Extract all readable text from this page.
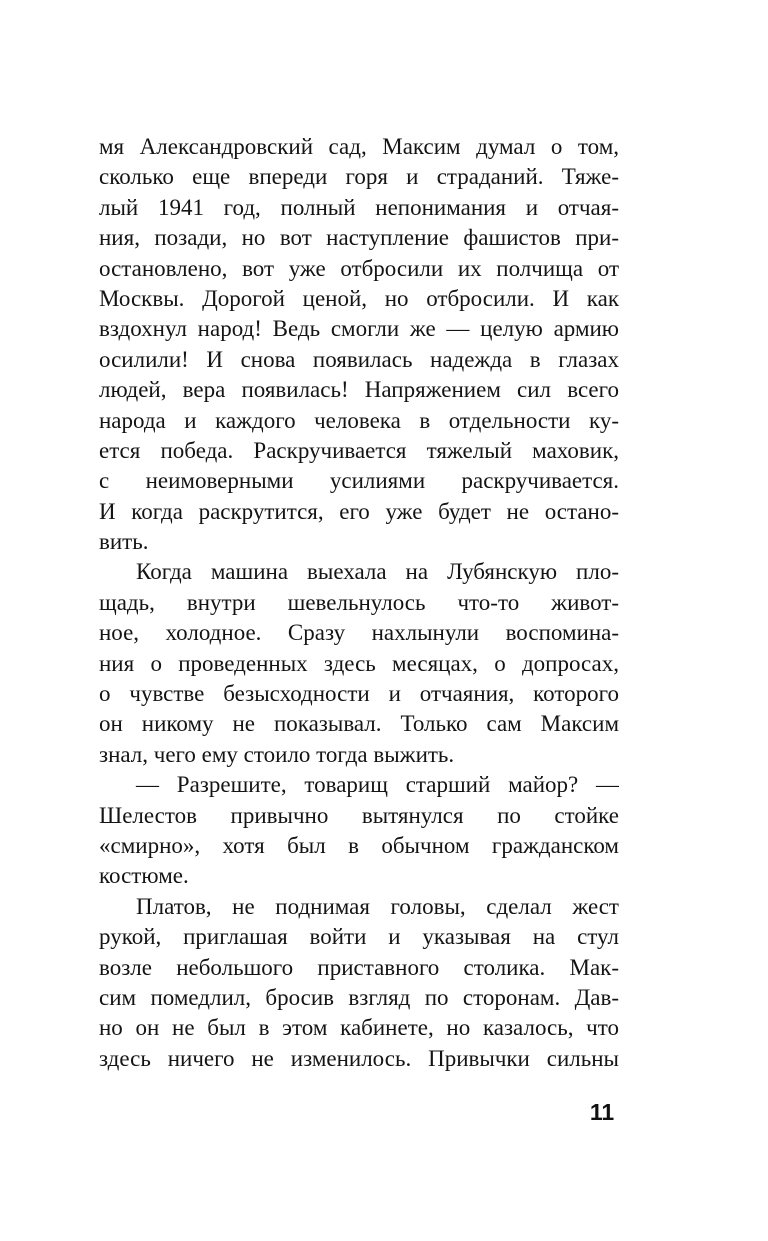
мя Александровский сад, Максим думал о том,
сколько еще впереди горя и страданий. Тяже-
лый 1941 год, полный непонимания и отчая-
ния, позади, но вот наступление фашистов при-
остановлено, вот уже отбросили их полчища от
Москвы. Дорогой ценой, но отбросили. И как
вздохнул народ! Ведь смогли же — целую армию
осилили! И снова появилась надежда в глазах
людей, вера появилась! Напряжением сил всего
народа и каждого человека в отдельности ку-
ется победа. Раскручивается тяжелый маховик,
с неимоверными усилиями раскручивается.
И когда раскрутится, его уже будет не остано-
вить.
Когда машина выехала на Лубянскую пло-
щадь, внутри шевельнулось что-то живот-
ное, холодное. Сразу нахлынули воспомина-
ния о проведенных здесь месяцах, о допросах,
о чувстве безысходности и отчаяния, которого
он никому не показывал. Только сам Максим
знал, чего ему стоило тогда выжить.
— Разрешите, товарищ старший майор? —
Шелестов привычно вытянулся по стойке
«смирно», хотя был в обычном гражданском
костюме.
Платов, не поднимая головы, сделал жест
рукой, приглашая войти и указывая на стул
возле небольшого приставного столика. Мак-
сим помедлил, бросив взгляд по сторонам. Дав-
но он не был в этом кабинете, но казалось, что
здесь ничего не изменилось. Привычки сильны
11
